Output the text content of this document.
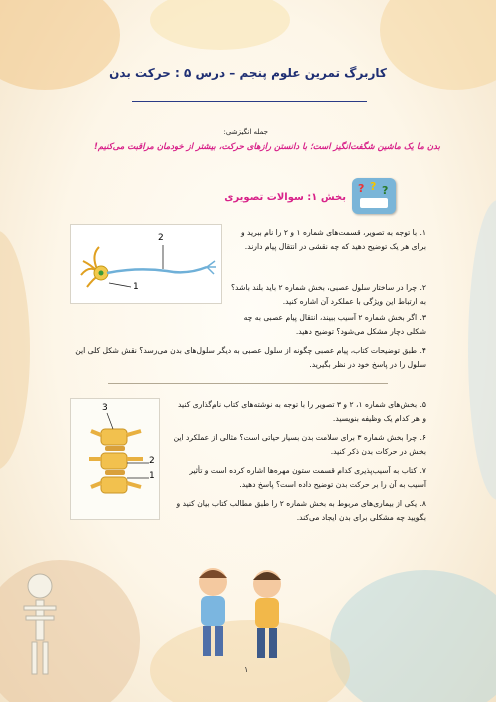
کاربرگ تمرین علوم پنجم – درس ۵ : حرکت بدن
جمله انگیزشی:
بدن ما یک ماشین شگفت‌انگیز است؛ با دانستن رازهای حرکت، بیشتر از خودمان مراقبت می‌کنیم!
? ? ?
بخش ۱: سوالات تصویری
2
1
۱. با توجه به تصویر، قسمت‌های شماره ۱ و ۲ را نام ببرید و برای هر یک توضیح دهید که چه نقشی در انتقال پیام دارند.
۲. چرا در ساختار سلول عصبی، بخش شماره ۲ باید بلند باشد؟ به ارتباط این ویژگی با عملکرد آن اشاره کنید.
۳. اگر بخش شماره ۲ آسیب ببیند، انتقال پیام عصبی به چه شکلی دچار مشکل می‌شود؟ توضیح دهید.
۴. طبق توضیحات کتاب، پیام عصبی چگونه از سلول عصبی به دیگر سلول‌های بدن می‌رسد؟ نقش شکل کلی این سلول را در پاسخ خود در نظر بگیرید.
3
2
1
۵. بخش‌های شماره ۱، ۲ و ۳ تصویر را با توجه به نوشته‌های کتاب نام‌گذاری کنید و هر کدام یک وظیفه بنویسید.
۶. چرا بخش شماره ۳ برای سلامت بدن بسیار حیاتی است؟ مثالی از عملکرد این بخش در حرکات بدن ذکر کنید.
۷. کتاب به آسیب‌پذیری کدام قسمت ستون مهره‌ها اشاره کرده است و تأثیر آسیب به آن را بر حرکت بدن توضیح داده است؟ پاسخ دهید.
۸. یکی از بیماری‌های مربوط به بخش شماره ۲ را طبق مطالب کتاب بیان کنید و بگویید چه مشکلی برای بدن ایجاد می‌کند.
۱
